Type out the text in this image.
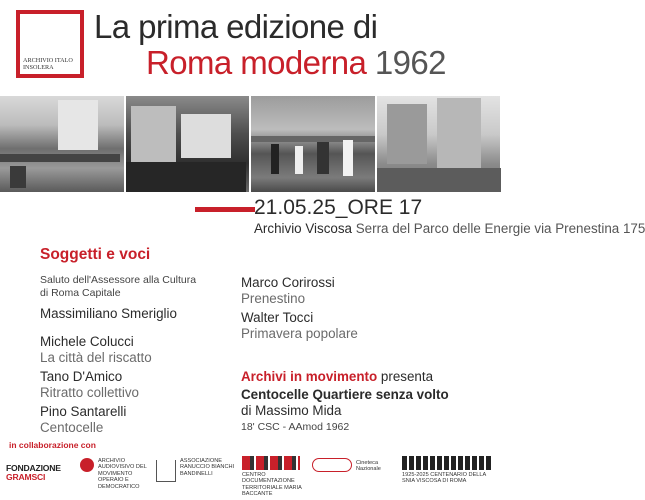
ARCHIVIO ITALO INSOLERA
La prima edizione di
Roma moderna 1962
21.05.25_ORE 17
Archivio Viscosa Serra del Parco delle Energie via Prenestina 175
Soggetti e voci
Saluto dell'Assessore alla Cultura di Roma Capitale
Massimiliano Smeriglio
Michele Colucci
La città del riscatto
Tano D'Amico
Ritratto collettivo
Pino Santarelli
Centocelle
Marco Corirossi
Prenestino
Walter Tocci
Primavera popolare
Archivi in movimento presenta
Centocelle Quartiere senza volto
di Massimo Mida
18' CSC - AAmod 1962
in collaborazione con
FONDAZIONE
GRAMSCI
ARCHIVIO AUDIOVISIVO DEL MOVIMENTO OPERAIO E DEMOCRATICO
ASSOCIAZIONE RANUCCIO BIANCHI BANDINELLI	CENTRO DOCUMENTAZIONE TERRITORIALE MARIA BACCANTE
Cineteca Nazionale
1925-2025 CENTENARIO DELLA SNIA VISCOSA DI ROMA
